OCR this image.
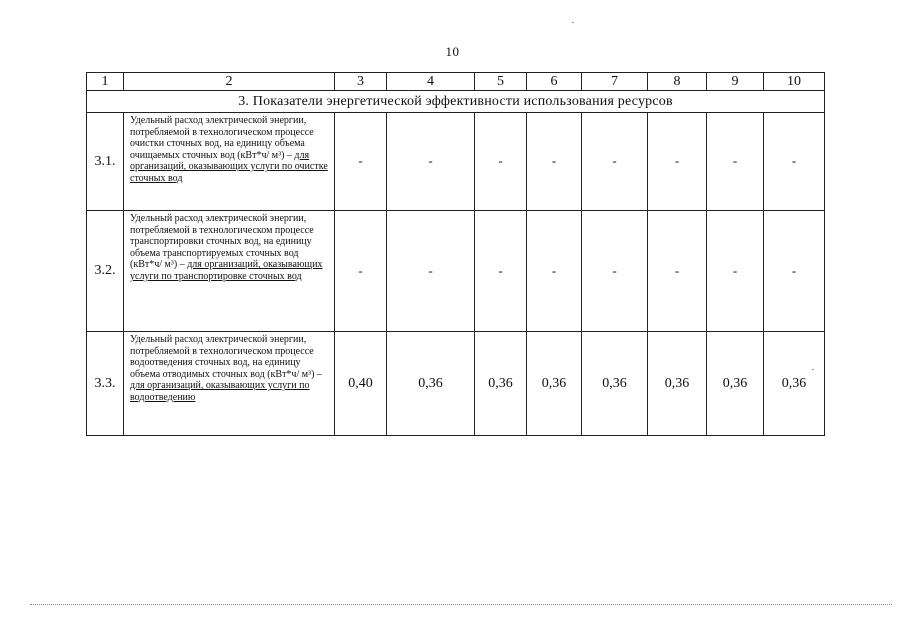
10
1	2	3	4	5	6	7	8	9	10
3. Показатели энергетической эффективности использования ресурсов									
3.1.	Удельный расход электрической энергии, потребляемой в технологическом процессе очистки сточных вод, на единицу объема очищаемых сточных вод (кВт*ч/ м³) – для организаций, оказывающих услуги по очистке сточных вод	-	-	-	-	-	-	-	-
3.2.	Удельный расход электрической энергии, потребляемой в технологическом процессе транспортировки сточных вод, на единицу объема транспортируемых сточных вод (кВт*ч/ м³) – для организаций, оказывающих услуги по транспортировке сточных вод	-	-	-	-	-	-	-	-
3.3.	Удельный расход электрической энергии, потребляемой в технологическом процессе водоотведения сточных вод, на единицу объема отводимых сточных вод (кВт*ч/ м³) – для организаций, оказывающих услуги по водоотведению	0,40	0,36	0,36	0,36	0,36	0,36	0,36	0,36
